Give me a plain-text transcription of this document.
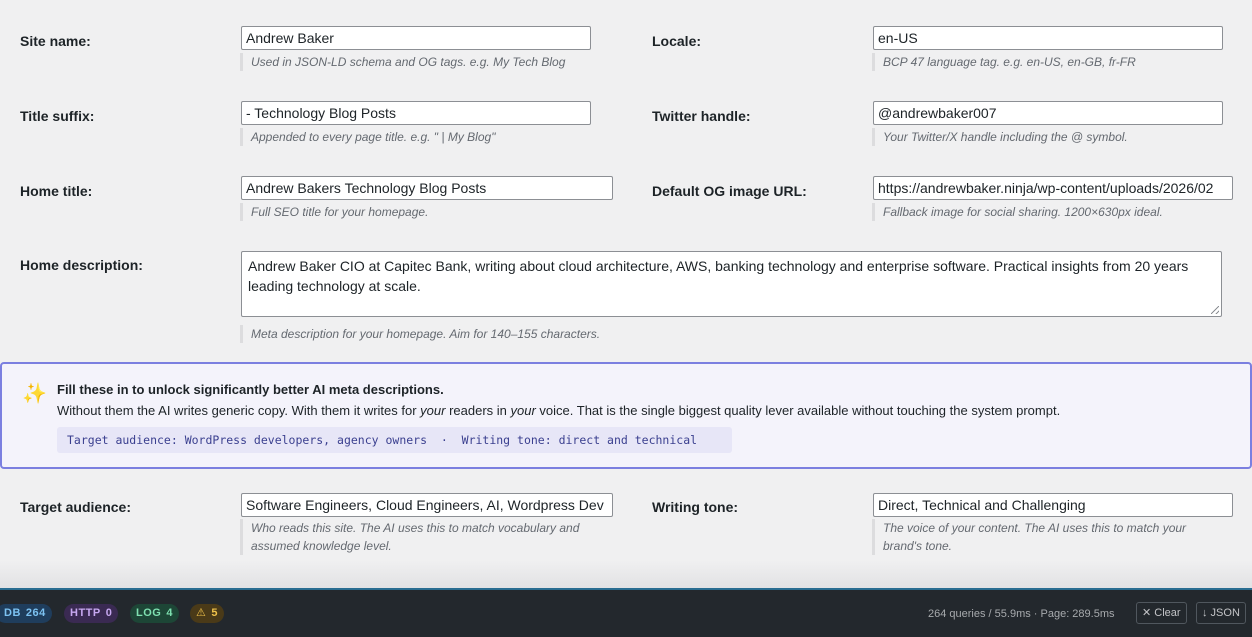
Site name:	Andrew Baker
Used in JSON-LD schema and OG tags. e.g. My Tech Blog
Locale:	en-US
BCP 47 language tag. e.g. en-US, en-GB, fr-FR
Title suffix:	- Technology Blog Posts
Appended to every page title. e.g. " | My Blog"
Twitter handle:	@andrewbaker007
Your Twitter/X handle including the @ symbol.
Home title:	Andrew Bakers Technology Blog Posts
Full SEO title for your homepage.
Default OG image URL:	https://andrewbaker.ninja/wp-content/uploads/2026/02
Fallback image for social sharing. 1200×630px ideal.
Home description:	Andrew Baker CIO at Capitec Bank, writing about cloud architecture, AWS, banking technology and enterprise software. Practical insights from 20 years leading technology at scale.
Meta description for your homepage. Aim for 140–155 characters.
✨ Fill these in to unlock significantly better AI meta descriptions.
Without them the AI writes generic copy. With them it writes for your readers in your voice. That is the single biggest quality lever available without touching the system prompt.
Target audience: WordPress developers, agency owners  ·  Writing tone: direct and technical
Target audience:	Software Engineers, Cloud Engineers, AI, Wordpress Dev
Who reads this site. The AI uses this to match vocabulary and
assumed knowledge level.
Writing tone:	Direct, Technical and Challenging
The voice of your content. The AI uses this to match your
brand's tone.
DB 264	HTTP 0	LOG 4	⚠ 5	264 queries / 55.9ms · Page: 289.5ms	✕ Clear	↓ JSON
